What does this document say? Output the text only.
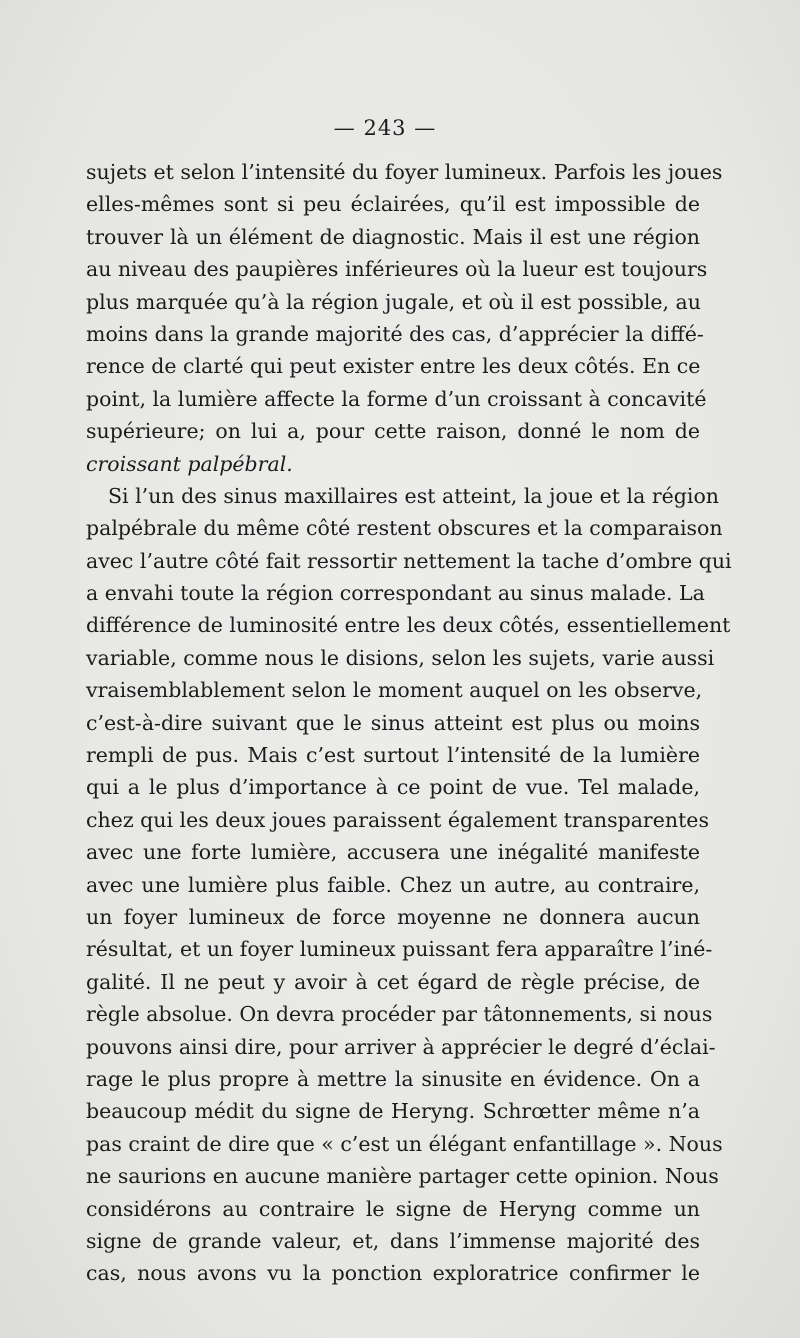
— 243 —
sujets et selon l’intensité du foyer lumineux. Parfois les joues
elles-mêmes sont si peu éclairées, qu’il est impossible de
trouver là un élément de diagnostic. Mais il est une région
au niveau des paupières inférieures où la lueur est toujours
plus marquée qu’à la région jugale, et où il est possible, au
moins dans la grande majorité des cas, d’apprécier la diffé-
rence de clarté qui peut exister entre les deux côtés. En ce
point, la lumière affecte la forme d’un croissant à concavité
supérieure; on lui a, pour cette raison, donné le nom de
croissant palpébral.
Si l’un des sinus maxillaires est atteint, la joue et la région
palpébrale du même côté restent obscures et la comparaison
avec l’autre côté fait ressortir nettement la tache d’ombre qui
a envahi toute la région correspondant au sinus malade. La
différence de luminosité entre les deux côtés, essentiellement
variable, comme nous le disions, selon les sujets, varie aussi
vraisemblablement selon le moment auquel on les observe,
c’est-à-dire suivant que le sinus atteint est plus ou moins
rempli de pus. Mais c’est surtout l’intensité de la lumière
qui a le plus d’importance à ce point de vue. Tel malade,
chez qui les deux joues paraissent également transparentes
avec une forte lumière, accusera une inégalité manifeste
avec une lumière plus faible. Chez un autre, au contraire,
un foyer lumineux de force moyenne ne donnera aucun
résultat, et un foyer lumineux puissant fera apparaître l’iné-
galité. Il ne peut y avoir à cet égard de règle précise, de
règle absolue. On devra procéder par tâtonnements, si nous
pouvons ainsi dire, pour arriver à apprécier le degré d’éclai-
rage le plus propre à mettre la sinusite en évidence. On a
beaucoup médit du signe de Heryng. Schrœtter même n’a
pas craint de dire que « c’est un élégant enfantillage ». Nous
ne saurions en aucune manière partager cette opinion. Nous
considérons au contraire le signe de Heryng comme un
signe de grande valeur, et, dans l’immense majorité des
cas, nous avons vu la ponction exploratrice confirmer le
